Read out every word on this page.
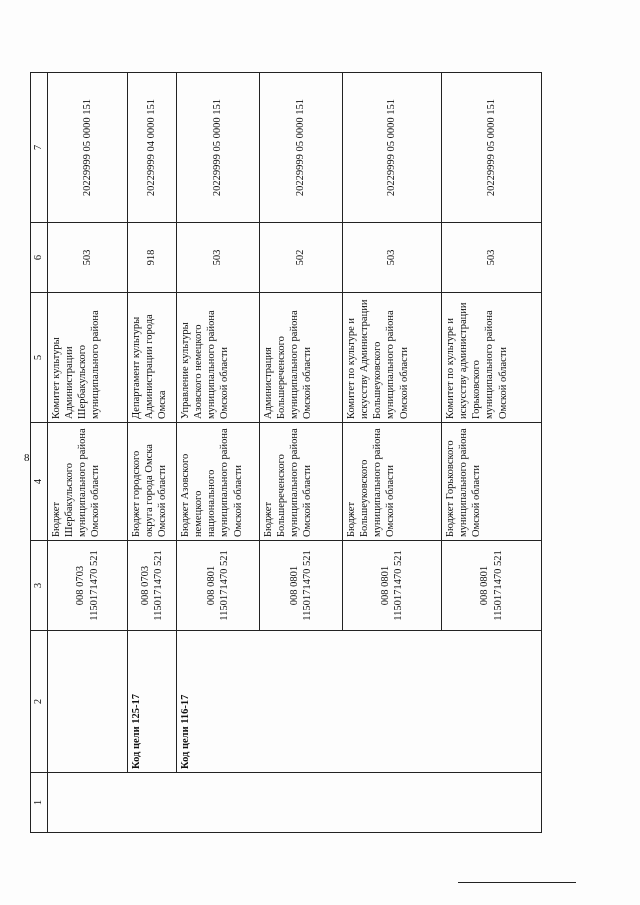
8
1	2	3	4	5	6	7
		008 0703 1150171470 521	Бюджет Шербакульского муниципального района Омской области	Комитет культуры Администрации Шербакульского муниципального района	503	20229999 05 0000 151
	Код цели 125-17	008 0703 1150171470 521	Бюджет городского округа города Омска Омской области	Департамент культуры Администрации города Омска	918	20229999 04 0000 151
	Код цели 116-17	008 0801 1150171470 521	Бюджет Азовского немецкого национального муниципального района Омской области	Управление культуры Азовского немецкого муниципального района Омской области	503	20229999 05 0000 151
		008 0801 1150171470 521	Бюджет Большереченского муниципального района Омской области	Администрация Большереченского муниципального района Омской области	502	20229999 05 0000 151
		008 0801 1150171470 521	Бюджет Большеуковского муниципального района Омской области	Комитет по культуре и искусству Администрации Большеуковского муниципального района Омской области	503	20229999 05 0000 151
		008 0801 1150171470 521	Бюджет Горьковского муниципального района Омской области	Комитет по культуре и искусству администрации Горьковского муниципального района Омской области	503	20229999 05 0000 151
